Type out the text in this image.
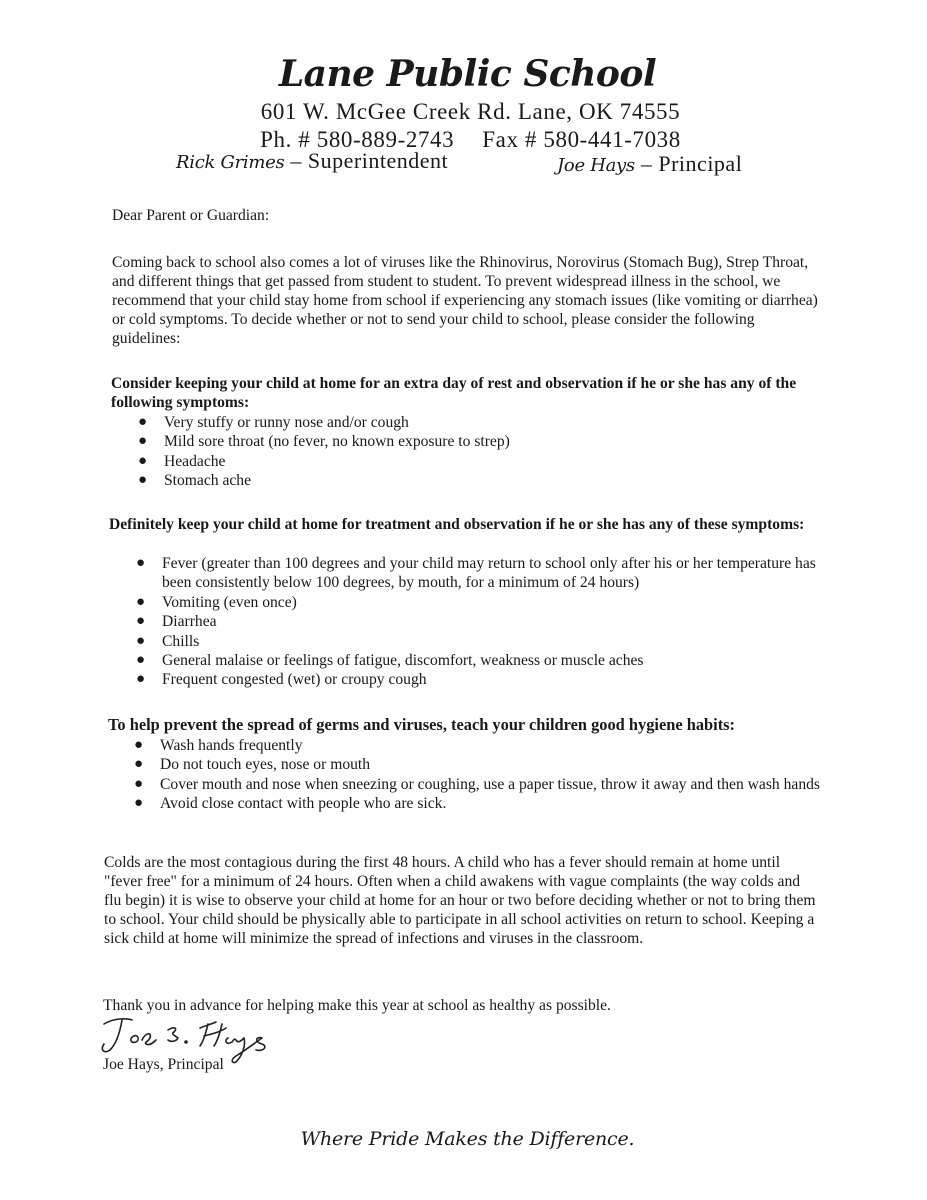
Lane Public School
601 W. McGee Creek Rd. Lane, OK 74555
Ph. # 580-889-2743 Fax # 580-441-7038
Rick Grimes – Superintendent	Joe Hays – Principal
Dear Parent or Guardian:
Coming back to school also comes a lot of viruses like the Rhinovirus, Norovirus (Stomach Bug), Strep Throat, and different things that get passed from student to student. To prevent widespread illness in the school, we recommend that your child stay home from school if experiencing any stomach issues (like vomiting or diarrhea) or cold symptoms. To decide whether or not to send your child to school, please consider the following guidelines:
Consider keeping your child at home for an extra day of rest and observation if he or she has any of the following symptoms:
● Very stuffy or runny nose and/or cough
● Mild sore throat (no fever, no known exposure to strep)
● Headache
● Stomach ache
Definitely keep your child at home for treatment and observation if he or she has any of these symptoms:
● Fever (greater than 100 degrees and your child may return to school only after his or her temperature has been consistently below 100 degrees, by mouth, for a minimum of 24 hours)
● Vomiting (even once)
● Diarrhea
● Chills
● General malaise or feelings of fatigue, discomfort, weakness or muscle aches
● Frequent congested (wet) or croupy cough
To help prevent the spread of germs and viruses, teach your children good hygiene habits:
● Wash hands frequently
● Do not touch eyes, nose or mouth
● Cover mouth and nose when sneezing or coughing, use a paper tissue, throw it away and then wash hands
● Avoid close contact with people who are sick.
Colds are the most contagious during the first 48 hours. A child who has a fever should remain at home until "fever free" for a minimum of 24 hours. Often when a child awakens with vague complaints (the way colds and flu begin) it is wise to observe your child at home for an hour or two before deciding whether or not to bring them to school. Your child should be physically able to participate in all school activities on return to school. Keeping a sick child at home will minimize the spread of infections and viruses in the classroom.
Thank you in advance for helping make this year at school as healthy as possible.
Joe Hays, Principal
Where Pride Makes the Difference.
